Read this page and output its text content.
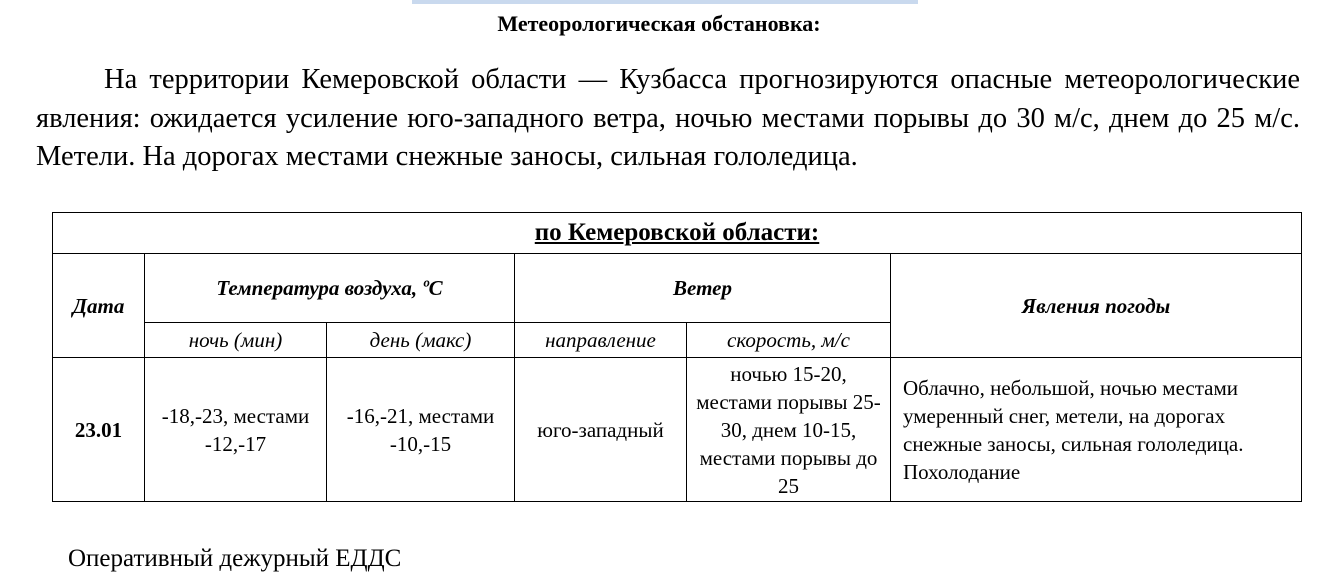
Метеорологическая обстановка:

На территории Кемеровской области — Кузбасса прогнозируются опасные метеорологические явления: ожидается усиление юго-западного ветра, ночью местами порывы до 30 м/с, днем до 25 м/с. Метели. На дорогах местами снежные заносы, сильная гололедица.

по Кемеровской области:					
Дата	Температура воздуха, ºС		Ветер		Явления погоды
	ночь (мин)	день (макс)	направление	скорость, м/с	
23.01	-18,-23, местами -12,-17	-16,-21, местами -10,-15	юго-западный	ночью 15-20, местами порывы 25-30, днем 10-15, местами порывы до 25	Облачно, небольшой, ночью местами умеренный снег, метели, на дорогах снежные заносы, сильная гололедица. Похолодание
Оперативный дежурный ЕДДС
